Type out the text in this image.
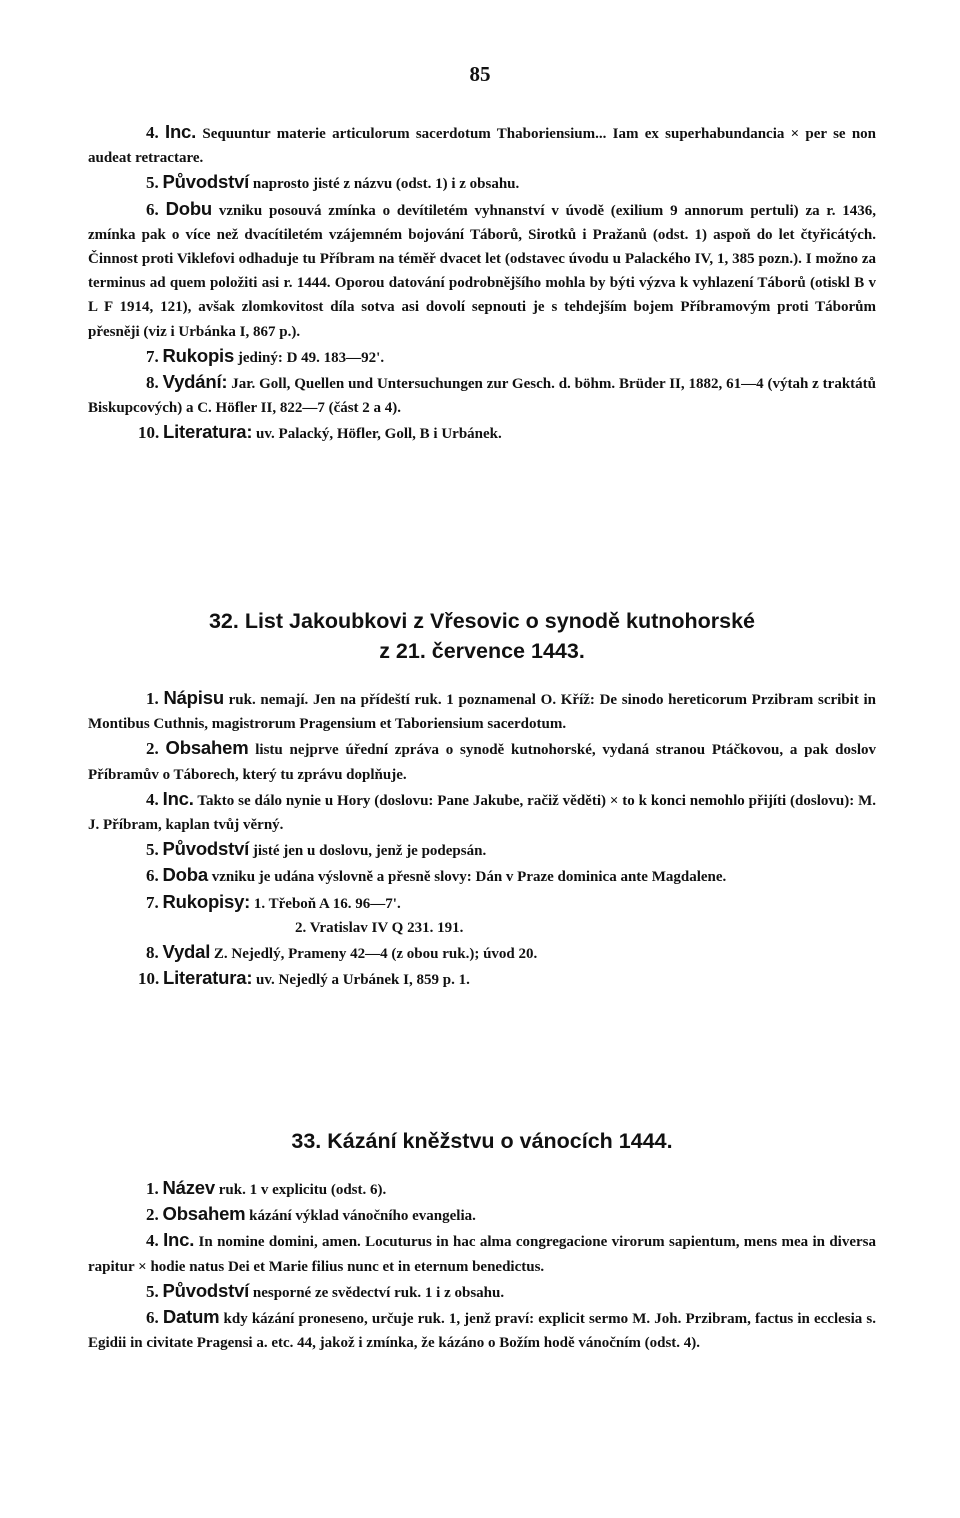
85

4. Inc. Sequuntur materie articulorum sacerdotum Thaboriensium... Iam ex superhabundancia × per se non audeat retractare.

5. Původství naprosto jisté z názvu (odst. 1) i z obsahu.

6. Dobu vzniku posouvá zmínka o devítiletém vyhnanství v úvodě (exilium 9 annorum pertuli) za r. 1436, zmínka pak o více než dvacítiletém vzájemném bojování Táborů, Sirotků i Pražanů (odst. 1) aspoň do let čtyřicátých. Činnost proti Viklefovi odhaduje tu Příbram na téměř dvacet let (odstavec úvodu u Palackého IV, 1, 385 pozn.). I možno za terminus ad quem položiti asi r. 1444. Oporou datování podrobnějšího mohla by býti výzva k vyhlazení Táborů (otiskl B v L F 1914, 121), avšak zlomkovitost díla sotva asi dovolí sepnouti je s tehdejším bojem Příbramovým proti Táborům přesněji (viz i Urbánka I, 867 p.).

7. Rukopis jediný: D 49. 183—92'.

8. Vydání: Jar. Goll, Quellen und Untersuchungen zur Gesch. d. böhm. Brüder II, 1882, 61—4 (výtah z traktátů Biskupcových) a C. Höfler II, 822—7 (část 2 a 4).

10. Literatura: uv. Palacký, Höfler, Goll, B i Urbánek.

32. List Jakoubkovi z Vřesovic o synodě kutnohorské

z 21. července 1443.

1. Nápisu ruk. nemají. Jen na přídeští ruk. 1 poznamenal O. Kříž: De sinodo hereticorum Przibram scribit in Montibus Cuthnis, magistrorum Pragensium et Taboriensium sacerdotum.

2. Obsahem listu nejprve úřední zpráva o synodě kutnohorské, vydaná stranou Ptáčkovou, a pak doslov Příbramův o Táborech, který tu zprávu doplňuje.

4. Inc. Takto se dálo nynie u Hory (doslovu: Pane Jakube, račiž věděti) × to k konci nemohlo přijíti (doslovu): M. J. Příbram, kaplan tvůj věrný.

5. Původství jisté jen u doslovu, jenž je podepsán.

6. Doba vzniku je udána výslovně a přesně slovy: Dán v Praze dominica ante Magdalene.

7. Rukopisy: 1. Třeboň A 16. 96—7'.

2. Vratislav IV Q 231. 191.

8. Vydal Z. Nejedlý, Prameny 42—4 (z obou ruk.); úvod 20.

10. Literatura: uv. Nejedlý a Urbánek I, 859 p. 1.

33. Kázání kněžstvu o vánocích 1444.

1. Název ruk. 1 v explicitu (odst. 6).

2. Obsahem kázání výklad vánočního evangelia.

4. Inc. In nomine domini, amen. Locuturus in hac alma congregacione virorum sapientum, mens mea in diversa rapitur × hodie natus Dei et Marie filius nunc et in eternum benedictus.

5. Původství nesporné ze svědectví ruk. 1 i z obsahu.

6. Datum kdy kázání proneseno, určuje ruk. 1, jenž praví: explicit sermo M. Joh. Przibram, factus in ecclesia s. Egidii in civitate Pragensi a. etc. 44, jakož i zmínka, že kázáno o Božím hodě vánočním (odst. 4).
